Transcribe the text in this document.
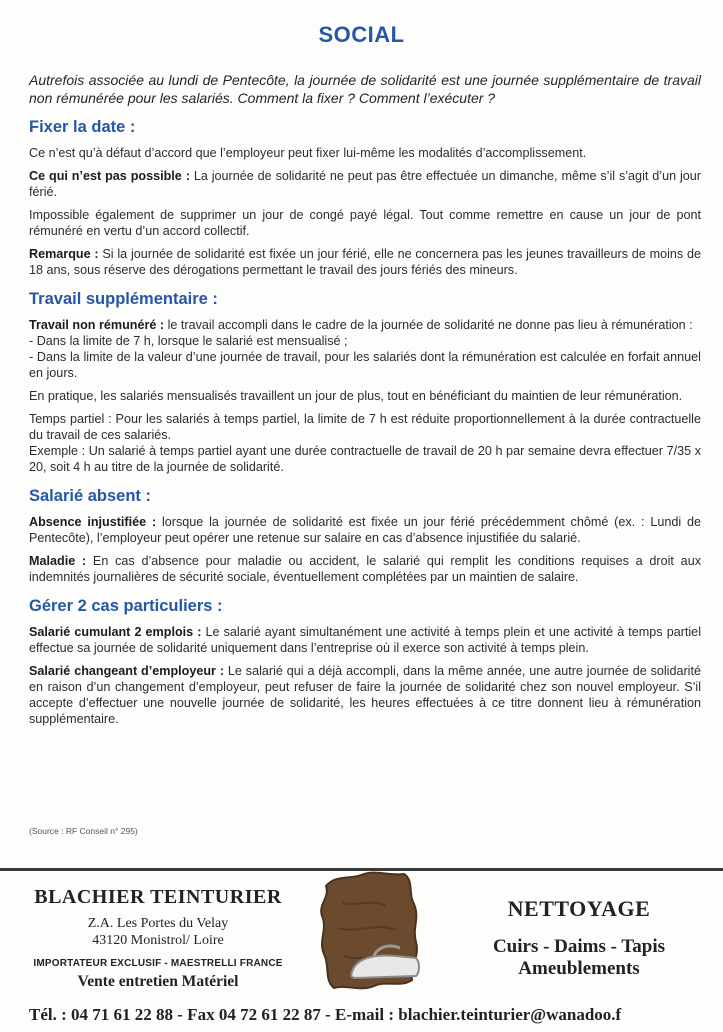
SOCIAL
Autrefois associée au lundi de Pentecôte, la journée de solidarité est une journée supplémentaire de travail non rémunérée pour les salariés. Comment la fixer ? Comment l’exécuter ?
Fixer la date :

Ce n’est qu’à défaut d’accord que l’employeur peut fixer lui-même les modalités d’accomplissement.

Ce qui n’est pas possible : La journée de solidarité ne peut pas être effectuée un dimanche, même s’il s’agit d’un jour férié.

Impossible également de supprimer un jour de congé payé légal. Tout comme remettre en cause un jour de pont rémunéré en vertu d’un accord collectif.

Remarque : Si la journée de solidarité est fixée un jour férié, elle ne concernera pas les jeunes travailleurs de moins de 18 ans, sous réserve des dérogations permettant le travail des jours fériés des mineurs.

Travail supplémentaire :

Travail non rémunéré : le travail accompli dans le cadre de la journée de solidarité ne donne pas lieu à rémunération :
- Dans la limite de 7 h, lorsque le salarié est mensualisé ;
- Dans la limite de la valeur d’une journée de travail, pour les salariés dont la rémunération est calculée en forfait annuel en jours.

En pratique, les salariés mensualisés travaillent un jour de plus, tout en bénéficiant du maintien de leur rémunération.

Temps partiel : Pour les salariés à temps partiel, la limite de 7 h est réduite proportionnellement à la durée contractuelle du travail de ces salariés.
Exemple : Un salarié à temps partiel ayant une durée contractuelle de travail de 20 h par semaine devra effectuer 7/35 x 20, soit 4 h au titre de la journée de solidarité.

Salarié absent :

Absence injustifiée : lorsque la journée de solidarité est fixée un jour férié précédemment chômé (ex. : Lundi de Pentecôte), l’employeur peut opérer une retenue sur salaire en cas d’absence injustifiée du salarié.

Maladie : En cas d’absence pour maladie ou accident, le salarié qui remplit les conditions requises a droit aux indemnités journalières de sécurité sociale, éventuellement complétées par un maintien de salaire.

Gérer 2 cas particuliers :

Salarié cumulant 2 emplois : Le salarié ayant simultanément une activité à temps plein et une activité à temps partiel effectue sa journée de solidarité uniquement dans l’entreprise où il exerce son activité à temps plein.

Salarié changeant d’employeur : Le salarié qui a déjà accompli, dans la même année, une autre journée de solidarité en raison d’un changement d’employeur, peut refuser de faire la journée de solidarité chez son nouvel employeur. S’il accepte d’effectuer une nouvelle journée de solidarité, les heures effectuées à ce titre donnent lieu à rémunération supplémentaire.

(Source : RF Conseil n° 295)
BLACHIER TEINTURIER
Z.A. Les Portes du Velay
43120 Monistrol/ Loire
IMPORTATEUR EXCLUSIF - MAESTRELLI FRANCE
Vente entretien Matériel
NETTOYAGE
Cuirs - Daims - Tapis
Ameublements
Tél. : 04 71 61 22 88 - Fax 04 72 61 22 87 - E-mail : blachier.teinturier@wanadoo.f
